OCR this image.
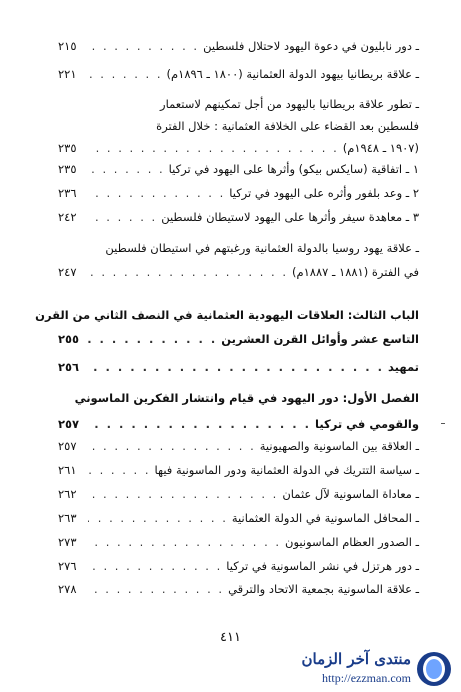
ـ دور نابليون في دعوة اليهود لاحتلال فلسطين
. . .
٢١٥
ـ علاقة بريطانيا بيهود الدولة العثمانية (١٨٠٠ ـ ١٨٩٦م)
. . .
٢٢١
ـ تطور علاقة بريطانيا باليهود من أجل تمكينهم لاستعمار
فلسطين بعد القضاء على الخلافة العثمانية : خلال الفترة
(١٩٠٧ ـ ١٩٤٨م)
. . .
٢٣٥
١ ـ اتفاقية (سايكس بيكو) وأثرها على اليهود في تركيا
. . .
٢٣٥
٢ ـ وعد بلفور وأثره على اليهود في تركيا
. . .
٢٣٦
٣ ـ معاهدة سيفر وأثرها على اليهود لاستيطان فلسطين
. . .
٢٤٢
ـ علاقة يهود روسيا بالدولة العثمانية ورغبتهم في استيطان فلسطين
في الفترة (١٨٨١ ـ ١٨٨٧م)
. . .
٢٤٧
الباب الثالث: العلاقات اليهودية العثمانية في النصف الثاني من القرن
التاسع عشر وأوائل القرن العشرين
. . .
٢٥٥
تمهيد
. . .
٢٥٦
الفصل الأول: دور اليهود في قيام وانتشار الفكرين الماسوني
والقومي في تركيا
. . .
٢٥٧
ـ العلاقة بين الماسونية والصهيونية
. . .
٢٥٧
ـ سياسة التتريك في الدولة العثمانية ودور الماسونية فيها
. . .
٢٦١
ـ معاداة الماسونية لآل عثمان
. . .
٢٦٢
ـ المحافل الماسونية في الدولة العثمانية
. . .
٢٦٣
ـ الصدور العظام الماسونيون
. . .
٢٧٣
ـ دور هرتزل في نشر الماسونية في تركيا
. . .
٢٧٦
ـ علاقة الماسونية بجمعية الاتحاد والترقي
. . .
٢٧٨
٤١١
منتدى آخر الزمان
http://ezzman.com
